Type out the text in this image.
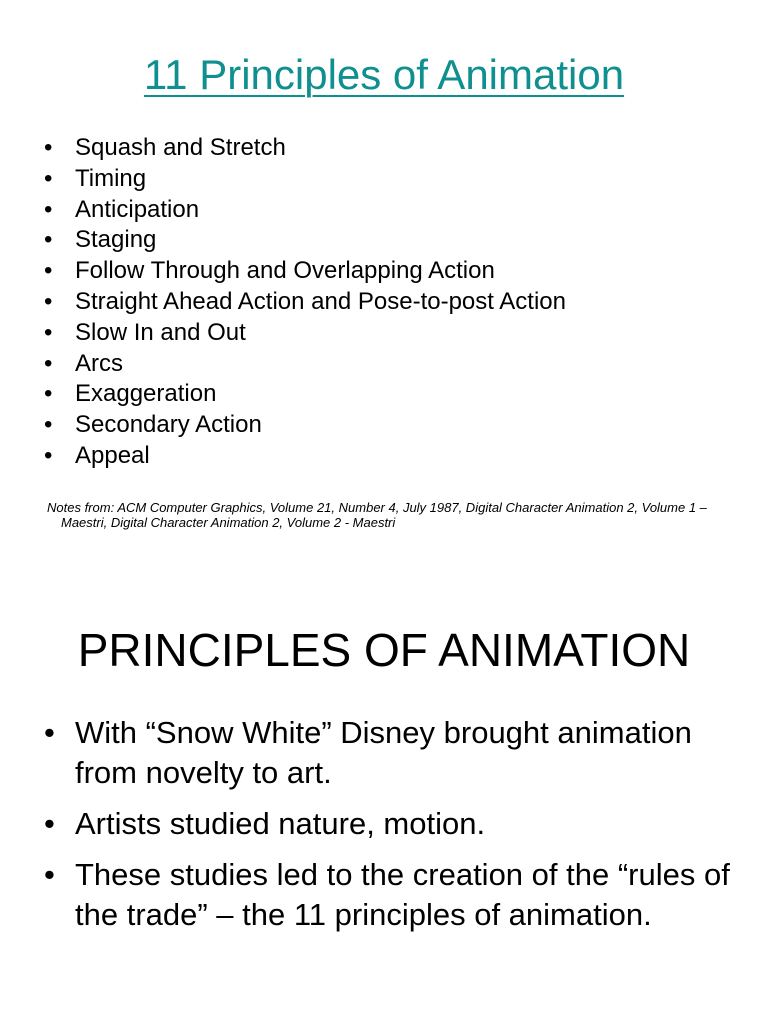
11 Principles of Animation
• Squash and Stretch
• Timing
• Anticipation
• Staging
• Follow Through and Overlapping Action
• Straight Ahead Action and Pose-to-post Action
• Slow In and Out
• Arcs
• Exaggeration
• Secondary Action
• Appeal

Notes from: ACM Computer Graphics, Volume 21, Number 4, July 1987, Digital Character Animation 2, Volume 1 – Maestri, Digital Character Animation 2, Volume 2 - Maestri

PRINCIPLES OF ANIMATION
• With “Snow White” Disney brought animation from novelty to art.
• Artists studied nature, motion.
• These studies led to the creation of the “rules of the trade” – the 11 principles of animation.
